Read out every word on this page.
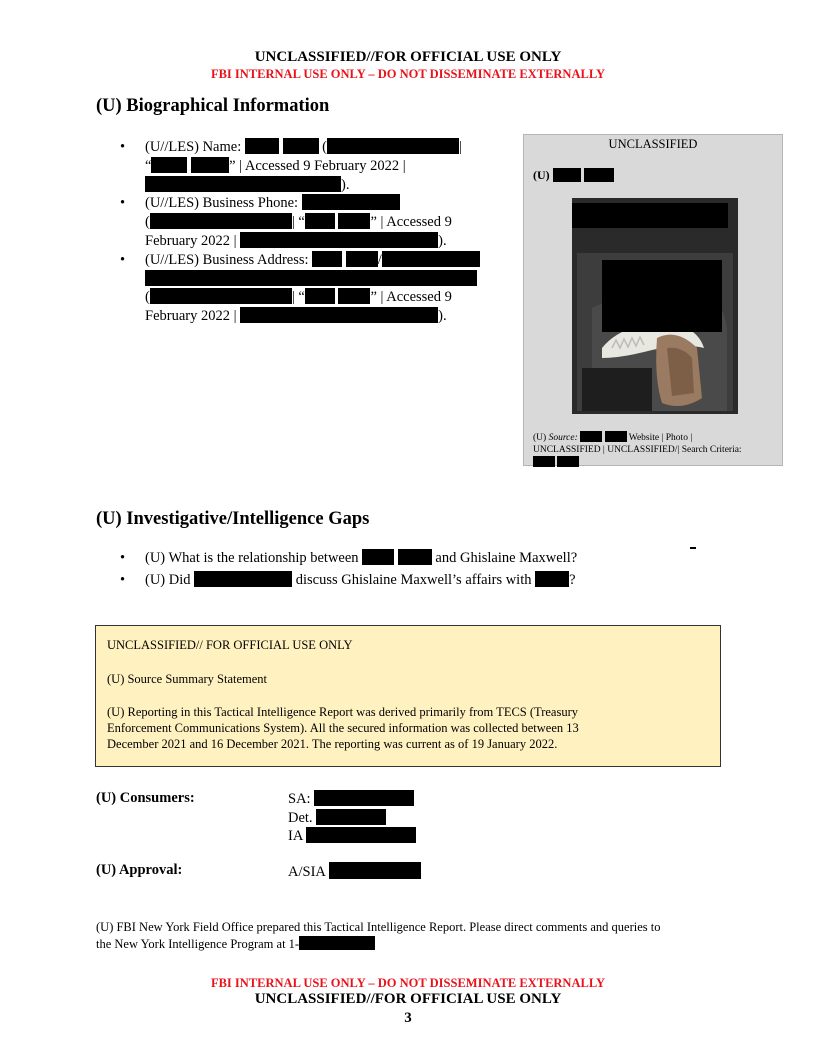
UNCLASSIFIED//FOR OFFICIAL USE ONLY
FBI INTERNAL USE ONLY – DO NOT DISSEMINATE EXTERNALLY
(U) Biographical Information
• (U//LES) Name:	(	|
“	” | Accessed 9 February 2022 |
).
• (U//LES) Business Phone:
(	| “	” | Accessed 9
February 2022 |	).
• (U//LES) Business Address:	/

(	| “	” | Accessed 9
February 2022 |	).
UNCLASSIFIED
(U)
(U) Source:	Website | Photo |
UNCLASSIFIED | UNCLASSIFIED/| Search Criteria:

(U) Investigative/Intelligence Gaps
• (U) What is the relationship between	and Ghislaine Maxwell?
• (U) Did	discuss Ghislaine Maxwell’s affairs with	?

UNCLASSIFIED// FOR OFFICIAL USE ONLY

(U) Source Summary Statement

(U) Reporting in this Tactical Intelligence Report was derived primarily from TECS (Treasury Enforcement Communications System). All the secured information was collected between 13 December 2021 and 16 December 2021. The reporting was current as of 19 January 2022.

(U) Consumers:	SA:
Det.
IA
(U) Approval:	A/SIA
(U) FBI New York Field Office prepared this Tactical Intelligence Report. Please direct comments and queries to
the New York Intelligence Program at 1-
FBI INTERNAL USE ONLY – DO NOT DISSEMINATE EXTERNALLY
UNCLASSIFIED//FOR OFFICIAL USE ONLY
3
